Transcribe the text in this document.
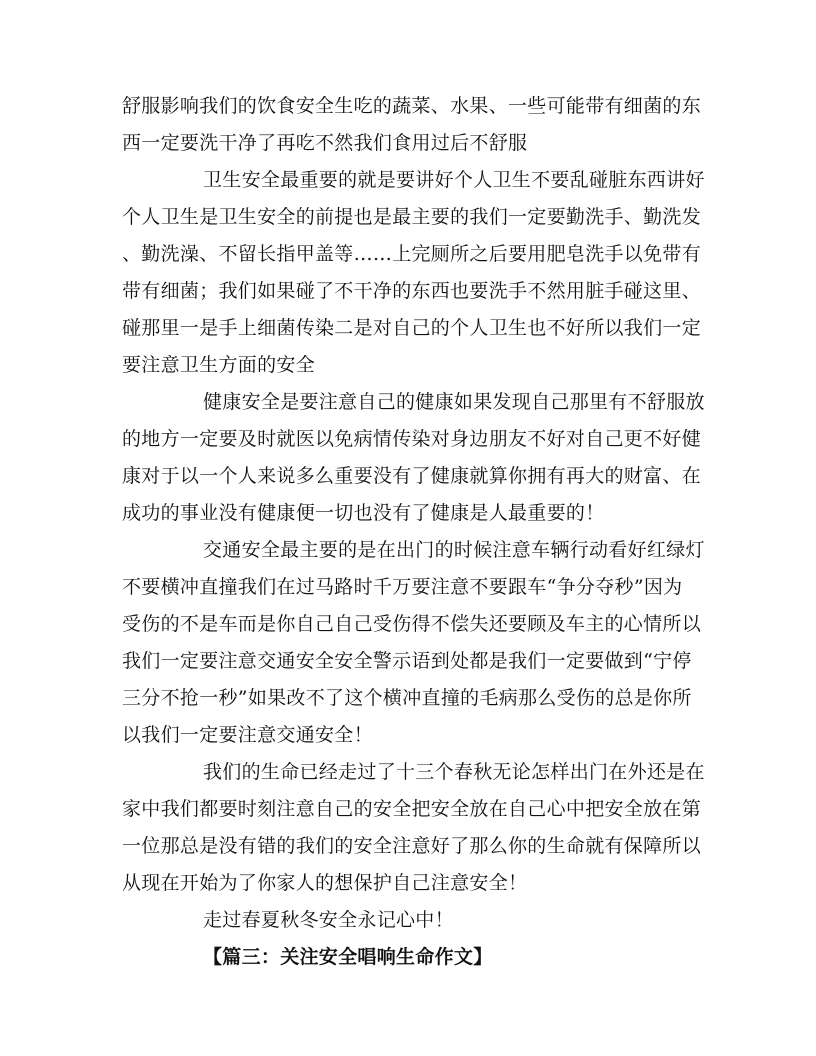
舒服影响我们的饮食安全生吃的蔬菜、水果、一些可能带有细菌的东
西一定要洗干净了再吃不然我们食用过后不舒服
卫生安全最重要的就是要讲好个人卫生不要乱碰脏东西讲好
个人卫生是卫生安全的前提也是最主要的我们一定要勤洗手、勤洗发
、勤洗澡、不留长指甲盖等……上完厕所之后要用肥皂洗手以免带有
带有细菌；我们如果碰了不干净的东西也要洗手不然用脏手碰这里、
碰那里一是手上细菌传染二是对自己的个人卫生也不好所以我们一定
要注意卫生方面的安全
健康安全是要注意自己的健康如果发现自己那里有不舒服放
的地方一定要及时就医以免病情传染对身边朋友不好对自己更不好健
康对于以一个人来说多么重要没有了健康就算你拥有再大的财富、在
成功的事业没有健康便一切也没有了健康是人最重要的！
交通安全最主要的是在出门的时候注意车辆行动看好红绿灯
不要横冲直撞我们在过马路时千万要注意不要跟车“争分夺秒”因为
受伤的不是车而是你自己自己受伤得不偿失还要顾及车主的心情所以
我们一定要注意交通安全安全警示语到处都是我们一定要做到“宁停
三分不抢一秒”如果改不了这个横冲直撞的毛病那么受伤的总是你所
以我们一定要注意交通安全！
我们的生命已经走过了十三个春秋无论怎样出门在外还是在
家中我们都要时刻注意自己的安全把安全放在自己心中把安全放在第
一位那总是没有错的我们的安全注意好了那么你的生命就有保障所以
从现在开始为了你家人的想保护自己注意安全！
走过春夏秋冬安全永记心中！
【篇三：关注安全唱响生命作文】
